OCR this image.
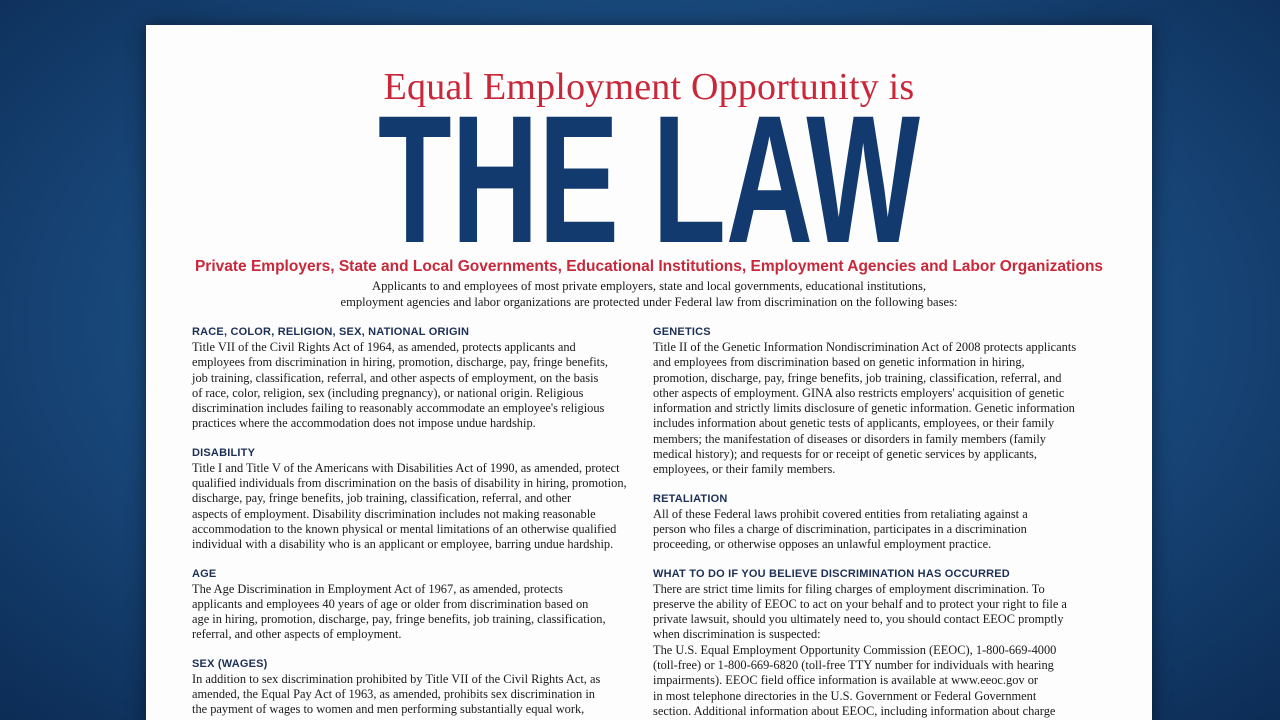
Equal Employment Opportunity is
THE LAW
Private Employers, State and Local Governments, Educational Institutions, Employment Agencies and Labor Organizations
Applicants to and employees of most private employers, state and local governments, educational institutions,
employment agencies and labor organizations are protected under Federal law from discrimination on the following bases:
RACE, COLOR, RELIGION, SEX, NATIONAL ORIGIN
Title VII of the Civil Rights Act of 1964, as amended, protects applicants and
employees from discrimination in hiring, promotion, discharge, pay, fringe benefits,
job training, classification, referral, and other aspects of employment, on the basis
of race, color, religion, sex (including pregnancy), or national origin. Religious
discrimination includes failing to reasonably accommodate an employee's religious
practices where the accommodation does not impose undue hardship.
DISABILITY
Title I and Title V of the Americans with Disabilities Act of 1990, as amended, protect
qualified individuals from discrimination on the basis of disability in hiring, promotion,
discharge, pay, fringe benefits, job training, classification, referral, and other
aspects of employment. Disability discrimination includes not making reasonable
accommodation to the known physical or mental limitations of an otherwise qualified
individual with a disability who is an applicant or employee, barring undue hardship.
AGE
The Age Discrimination in Employment Act of 1967, as amended, protects
applicants and employees 40 years of age or older from discrimination based on
age in hiring, promotion, discharge, pay, fringe benefits, job training, classification,
referral, and other aspects of employment.
SEX (WAGES)
In addition to sex discrimination prohibited by Title VII of the Civil Rights Act, as
amended, the Equal Pay Act of 1963, as amended, prohibits sex discrimination in
the payment of wages to women and men performing substantially equal work,
GENETICS
Title II of the Genetic Information Nondiscrimination Act of 2008 protects applicants
and employees from discrimination based on genetic information in hiring,
promotion, discharge, pay, fringe benefits, job training, classification, referral, and
other aspects of employment. GINA also restricts employers' acquisition of genetic
information and strictly limits disclosure of genetic information. Genetic information
includes information about genetic tests of applicants, employees, or their family
members; the manifestation of diseases or disorders in family members (family
medical history); and requests for or receipt of genetic services by applicants,
employees, or their family members.
RETALIATION
All of these Federal laws prohibit covered entities from retaliating against a
person who files a charge of discrimination, participates in a discrimination
proceeding, or otherwise opposes an unlawful employment practice.
WHAT TO DO IF YOU BELIEVE DISCRIMINATION HAS OCCURRED
There are strict time limits for filing charges of employment discrimination. To
preserve the ability of EEOC to act on your behalf and to protect your right to file a
private lawsuit, should you ultimately need to, you should contact EEOC promptly
when discrimination is suspected:
The U.S. Equal Employment Opportunity Commission (EEOC), 1-800-669-4000
(toll-free) or 1-800-669-6820 (toll-free TTY number for individuals with hearing
impairments). EEOC field office information is available at www.eeoc.gov or
in most telephone directories in the U.S. Government or Federal Government
section. Additional information about EEOC, including information about charge
